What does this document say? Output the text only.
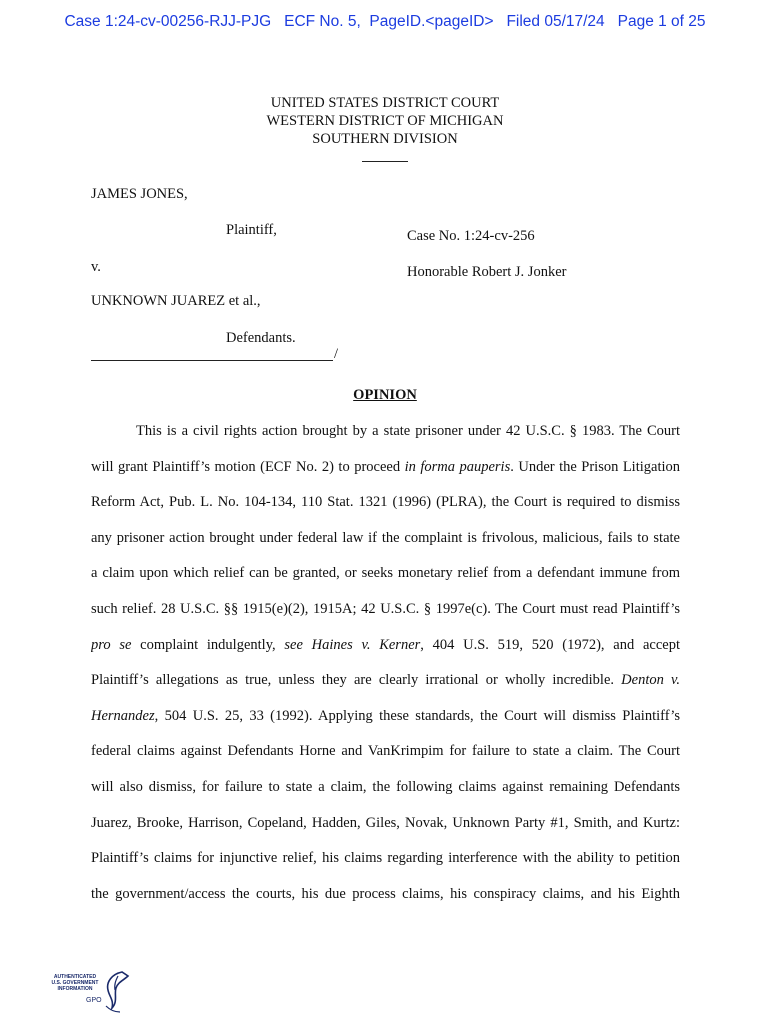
Case 1:24-cv-00256-RJJ-PJG ECF No. 5, PageID.<pageID> Filed 05/17/24 Page 1 of 25
UNITED STATES DISTRICT COURT
WESTERN DISTRICT OF MICHIGAN
SOUTHERN DIVISION
JAMES JONES,
Plaintiff,	Case No. 1:24-cv-256
v.	Honorable Robert J. Jonker
UNKNOWN JUAREZ et al.,
Defendants.
/
OPINION
This is a civil rights action brought by a state prisoner under 42 U.S.C. § 1983. The Court
will grant Plaintiff’s motion (ECF No. 2) to proceed in forma pauperis. Under the Prison Litigation
Reform Act, Pub. L. No. 104-134, 110 Stat. 1321 (1996) (PLRA), the Court is required to dismiss
any prisoner action brought under federal law if the complaint is frivolous, malicious, fails to state
a claim upon which relief can be granted, or seeks monetary relief from a defendant immune from
such relief. 28 U.S.C. §§ 1915(e)(2), 1915A; 42 U.S.C. § 1997e(c). The Court must read Plaintiff’s
pro se complaint indulgently, see Haines v. Kerner, 404 U.S. 519, 520 (1972), and accept
Plaintiff’s allegations as true, unless they are clearly irrational or wholly incredible. Denton v.
Hernandez, 504 U.S. 25, 33 (1992). Applying these standards, the Court will dismiss Plaintiff’s
federal claims against Defendants Horne and VanKrimpim for failure to state a claim. The Court
will also dismiss, for failure to state a claim, the following claims against remaining Defendants
Juarez, Brooke, Harrison, Copeland, Hadden, Giles, Novak, Unknown Party #1, Smith, and Kurtz:
Plaintiff’s claims for injunctive relief, his claims regarding interference with the ability to petition
the government/access the courts, his due process claims, his conspiracy claims, and his Eighth
AUTHENTICATED
U.S. GOVERNMENT
INFORMATION
GPO
